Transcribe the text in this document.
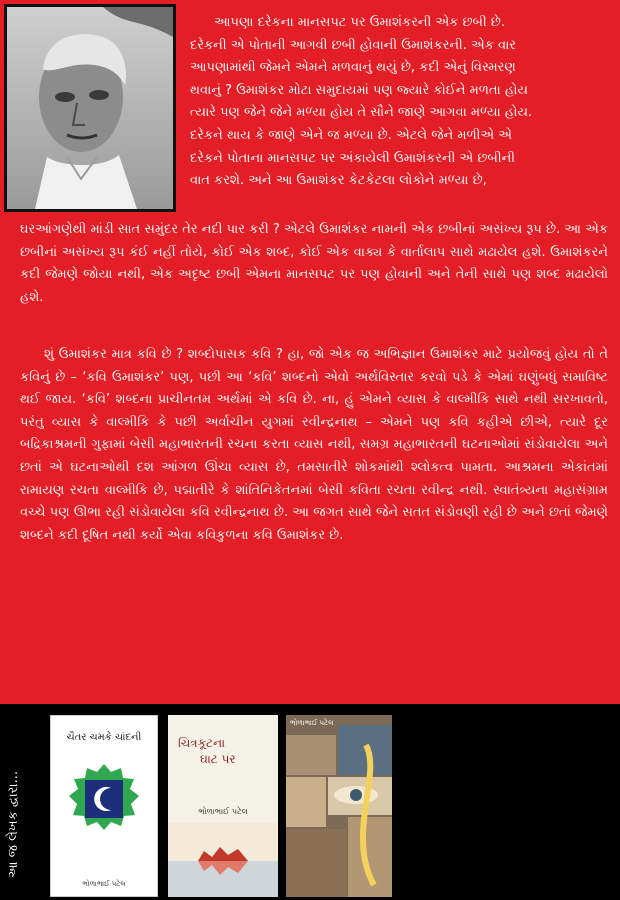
આપણા દરેકના માનસપટ પર ઉમાશંકરની એક છબી છે.
દરેકની એ પોતાની આગવી છબી હોવાની ઉમાશંકરની. એક વાર
આપણામાંથી જેમને એમને મળવાનું થયું છે, કદી એનું વિસ્મરણ
થવાનું ? ઉમાશંકર મોટા સમુદાયમાં પણ જ્યારે કોઈને મળતા હોય
ત્યારે પણ જેને જેને મળ્યા હોય તે સૌને જાણે આગવા મળ્યા હોય.
દરેકને થાય કે જાણે એને જ મળ્યા છે. એટલે જેને મળીએ એ
દરેકને પોતાના માનસપટ પર અંકાયેલી ઉમાશંકરની એ છબીની
વાત કરશે. અને આ ઉમાશંકર કેટકેટલા લોકોને મળ્યા છે,

ઘરઆંગણેથી માંડી સાત સમુંદર તેર નદી પાર કરી ? એટલે ઉમાશંકર નામની એક છબીનાં અસંખ્ય રૂપ છે. આ એક છબીનાં અસંખ્ય રૂપ કંઈ નહીં તોયે, કોઈ એક શબ્દ, કોઈ એક વાક્ય કે વાર્તાલાપ સાથે મઢાયેલ હશે. ઉમાશંકરને કદી જેમણે જોયા નથી, એક અદૃષ્ટ છબી એમના માનસપટ પર પણ હોવાની અને તેની સાથે પણ શબ્દ મઢાયેલો હશે.

શું ઉમાશંકર માત્ર કવિ છે ? શબ્દોપાસક કવિ ? હા, જો એક જ અભિજ્ઞાન ઉમાશંકર માટે પ્રયોજવું હોય તો તે કવિનું છે – ‘કવિ ઉમાશંકર’ પણ, પછી આ ‘કવિ’ શબ્દનો એવો અર્થવિસ્તાર કરવો પડે કે એમાં ઘણુંબધું સમાવિષ્ટ થઈ જાય. ‘કવિ’ શબ્દના પ્રાચીનતમ અર્થમાં એ કવિ છે. ના, હું એમને વ્યાસ કે વાલ્મીકિ સાથે નથી સરખાવતો, પરંતુ વ્યાસ કે વાલ્મીકિ કે પછી અર્વાચીન યુગમાં રવીન્દ્રનાથ – એમને પણ કવિ કહીએ છીએ, ત્યારે દૂર બદ્રિકાશ્રમની ગુફામાં બેસી મહાભારતની રચના કરતા વ્યાસ નથી, સમગ્ર મહાભારતની ઘટનાઓમાં સંડોવાયેલા અને છતાં એ ઘટનાઓથી દશ આંગળ ઊંચા વ્યાસ છે, તમસાતીરે શોકમાંથી શ્લોકત્વ પામતા. આશ્રમના એકાંતમાં રામાયણ રચતા વાલ્મીકિ છે, પદ્માતીરે કે શાંતિનિકેતનમાં બેસી કવિતા રચતા રવીન્દ્ર નથી. સ્વાતંત્ર્યના મહાસંગ્રામ વચ્ચે પણ ઊભા રહી સંડોવાયેલા કવિ રવીન્દ્રનાથ છે. આ જગત સાથે જેને સતત સંડોવણી રહી છે અને છતાં જેમણે શબ્દને કદી દૂષિત નથી કર્યો એવા કવિકુળના કવિ ઉમાશંકર છે.

આ જ લેખક દ્વારા...
ચૈતર ચમકે ચાંદની
ભોળાભાઈ પટેલ
ચિત્રકૂટના
ઘાટ પર
ભોળાભાઈ પટેલ
ભોળાભાઈ પટેલ
